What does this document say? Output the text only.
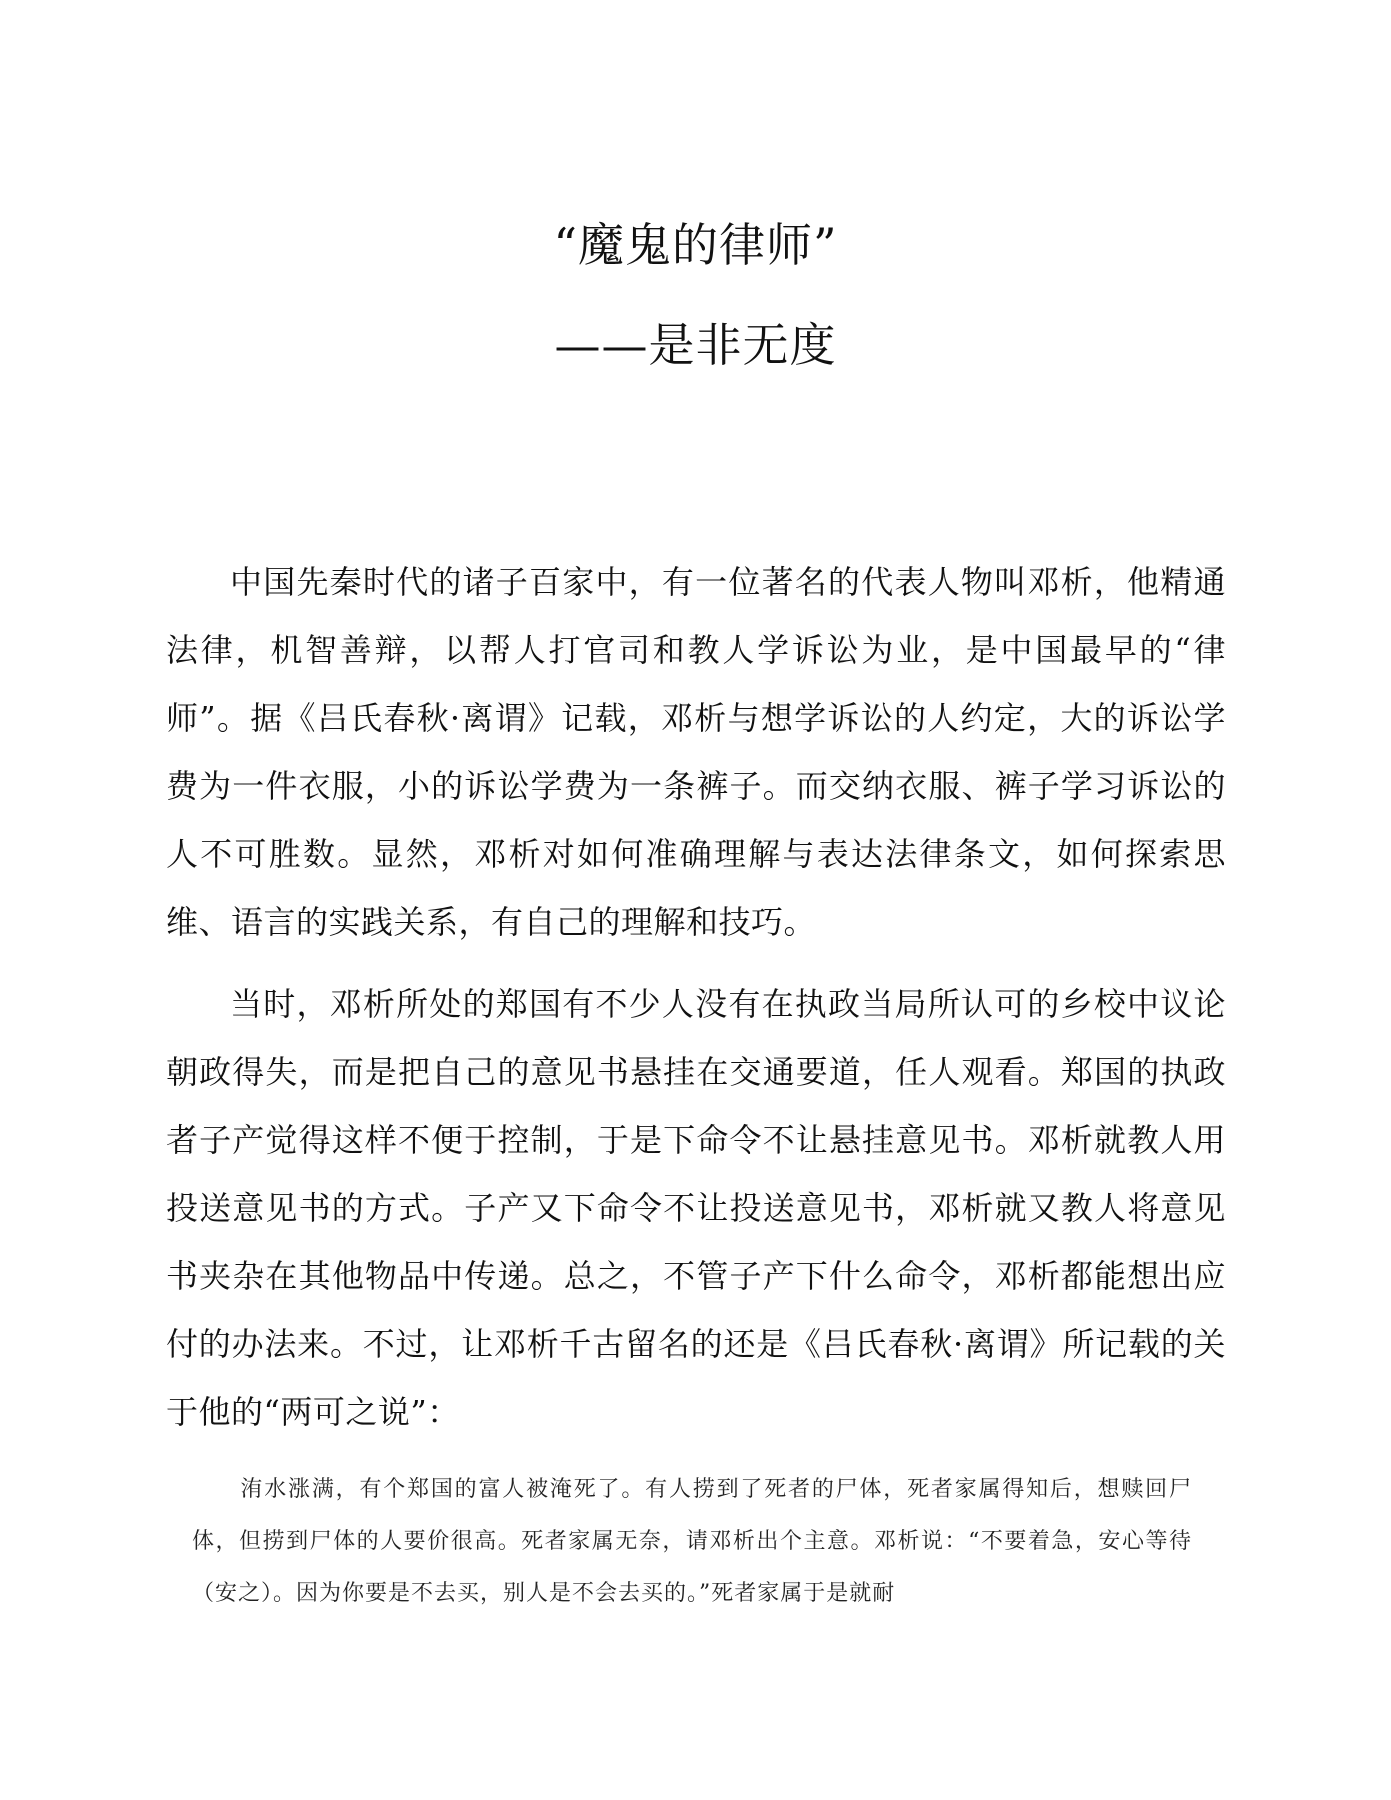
“魔鬼的律师”
——是非无度

中国先秦时代的诸子百家中，有一位著名的代表人物叫邓析，他精通法律，机智善辩，以帮人打官司和教人学诉讼为业，是中国最早的“律师”。据《吕氏春秋·离谓》记载，邓析与想学诉讼的人约定，大的诉讼学费为一件衣服，小的诉讼学费为一条裤子。而交纳衣服、裤子学习诉讼的人不可胜数。显然，邓析对如何准确理解与表达法律条文，如何探索思维、语言的实践关系，有自己的理解和技巧。

当时，邓析所处的郑国有不少人没有在执政当局所认可的乡校中议论朝政得失，而是把自己的意见书悬挂在交通要道，任人观看。郑国的执政者子产觉得这样不便于控制，于是下命令不让悬挂意见书。邓析就教人用投送意见书的方式。子产又下命令不让投送意见书，邓析就又教人将意见书夹杂在其他物品中传递。总之，不管子产下什么命令，邓析都能想出应付的办法来。不过，让邓析千古留名的还是《吕氏春秋·离谓》所记载的关于他的“两可之说”：

洧水涨满，有个郑国的富人被淹死了。有人捞到了死者的尸体，死者家属得知后，想赎回尸体，但捞到尸体的人要价很高。死者家属无奈，请邓析出个主意。邓析说：“不要着急，安心等待（安之）。因为你要是不去买，别人是不会去买的。”死者家属于是就耐
